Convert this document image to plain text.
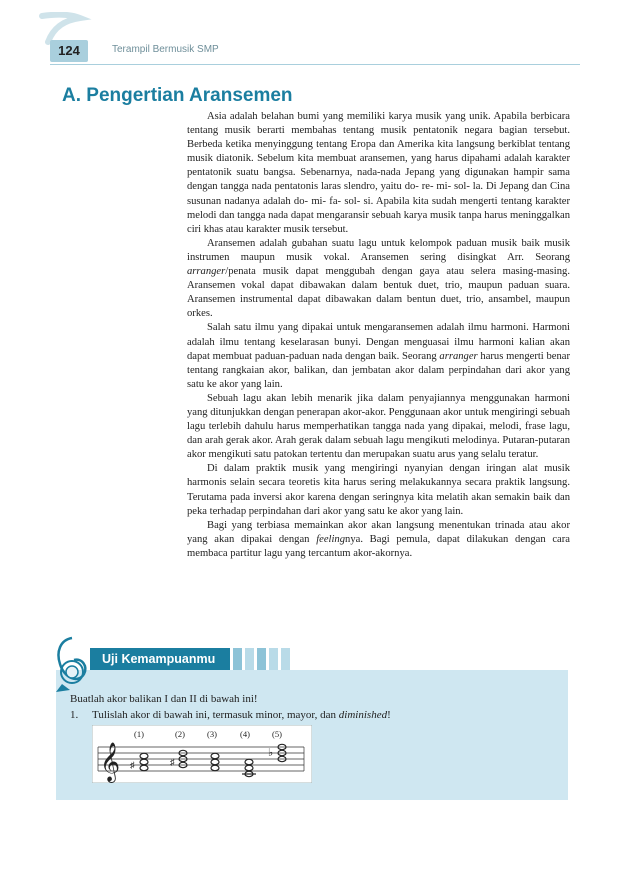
124	Terampil Bermusik SMP
A. Pengertian Aransemen

Asia adalah belahan bumi yang memiliki karya musik yang unik. Apabila berbicara tentang musik berarti membahas tentang musik pentatonik negara bagian tersebut. Berbeda ketika menyinggung tentang Eropa dan Amerika kita langsung berkiblat tentang musik diatonik. Sebelum kita membuat aransemen, yang harus dipahami adalah karakter pentatonik suatu bangsa. Sebenarnya, nada-nada Jepang yang digunakan hampir sama dengan tangga nada pentatonis laras slendro, yaitu do- re- mi- sol- la. Di Jepang dan Cina susunan nadanya adalah do- mi- fa- sol- si. Apabila kita sudah mengerti tentang karakter melodi dan tangga nada dapat mengaransir sebuah karya musik tanpa harus meninggalkan ciri khas atau karakter musik tersebut.

Aransemen adalah gubahan suatu lagu untuk kelompok paduan musik baik musik instrumen maupun musik vokal. Aransemen sering disingkat Arr. Seorang arranger/penata musik dapat menggubah dengan gaya atau selera masing-masing. Aransemen vokal dapat dibawakan dalam bentuk duet, trio, maupun paduan suara. Aransemen instrumental dapat dibawakan dalam bentun duet, trio, ansambel, maupun orkes.

Salah satu ilmu yang dipakai untuk mengaransemen adalah ilmu harmoni. Harmoni adalah ilmu tentang keselarasan bunyi. Dengan menguasai ilmu harmoni kalian akan dapat membuat paduan-paduan nada dengan baik. Seorang arranger harus mengerti benar tentang rangkaian akor, balikan, dan jembatan akor dalam perpindahan dari akor yang satu ke akor yang lain.

Sebuah lagu akan lebih menarik jika dalam penyajiannya menggunakan harmoni yang ditunjukkan dengan penerapan akor-akor. Penggunaan akor untuk mengiringi sebuah lagu terlebih dahulu harus memperhatikan tangga nada yang dipakai, melodi, frase lagu, dan arah gerak akor. Arah gerak dalam sebuah lagu mengikuti melodinya. Putaran-putaran akor mengikuti satu patokan tertentu dan merupakan suatu arus yang selalu teratur.

Di dalam praktik musik yang mengiringi nyanyian dengan iringan alat musik harmonis selain secara teoretis kita harus sering melakukannya secara praktik langsung. Terutama pada inversi akor karena dengan seringnya kita melatih akan semakin baik dan peka terhadap perpindahan dari akor yang satu ke akor yang lain.

Bagi yang terbiasa memainkan akor akan langsung menentukan trinada atau akor yang akan dipakai dengan feelingnya. Bagi pemula, dapat dilakukan dengan cara membaca partitur lagu yang tercantum akor-akornya.

Uji Kemampuanmu

Buatlah akor balikan I dan II di bawah ini!

1. Tulislah akor di bawah ini, termasuk minor, mayor, dan diminished!

𝄞
(1)	(2)	(3)	(4)	(5)
♯	♯
♭
